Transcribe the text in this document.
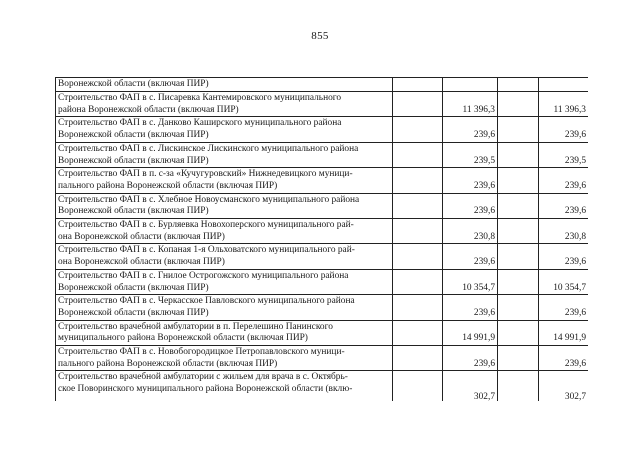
855
Воронежской области (включая ПИР)				
Строительство ФАП в с. Писаревка Кантемировского муниципального
района Воронежской области (включая ПИР)		11 396,3		11 396,3
Строительство ФАП в с. Данково Каширского муниципального района
Воронежской области (включая ПИР)		239,6		239,6
Строительство ФАП в с. Лискинское Лискинского муниципального района
Воронежской области (включая ПИР)		239,5		239,5
Строительство ФАП в п. с-за «Кучугуровский» Нижнедевицкого муници-
пального района Воронежской области (включая ПИР)		239,6		239,6
Строительство ФАП в с. Хлебное Новоусманского муниципального района
Воронежской области (включая ПИР)		239,6		239,6
Строительство ФАП в с. Бурляевка Новохоперского муниципального рай-
она Воронежской области (включая ПИР)		230,8		230,8
Строительство ФАП в с. Копаная 1-я Ольховатского муниципального рай-
она Воронежской области (включая ПИР)		239,6		239,6
Строительство ФАП в с. Гнилое Острогожского муниципального района
Воронежской области (включая ПИР)		10 354,7		10 354,7
Строительство ФАП в с. Черкасское Павловского муниципального района
Воронежской области (включая ПИР)		239,6		239,6
Строительство врачебной амбулатории в п. Перелешино Панинского
муниципального района Воронежской области (включая ПИР)		14 991,9		14 991,9
Строительство ФАП в с. Новобогородицкое Петропавловского муници-
пального района Воронежской области (включая ПИР)		239,6		239,6
Строительство врачебной амбулатории с жильем для врача в с. Октябрь-
ское Поворинского муниципального района Воронежской области (вклю-		302,7		302,7
